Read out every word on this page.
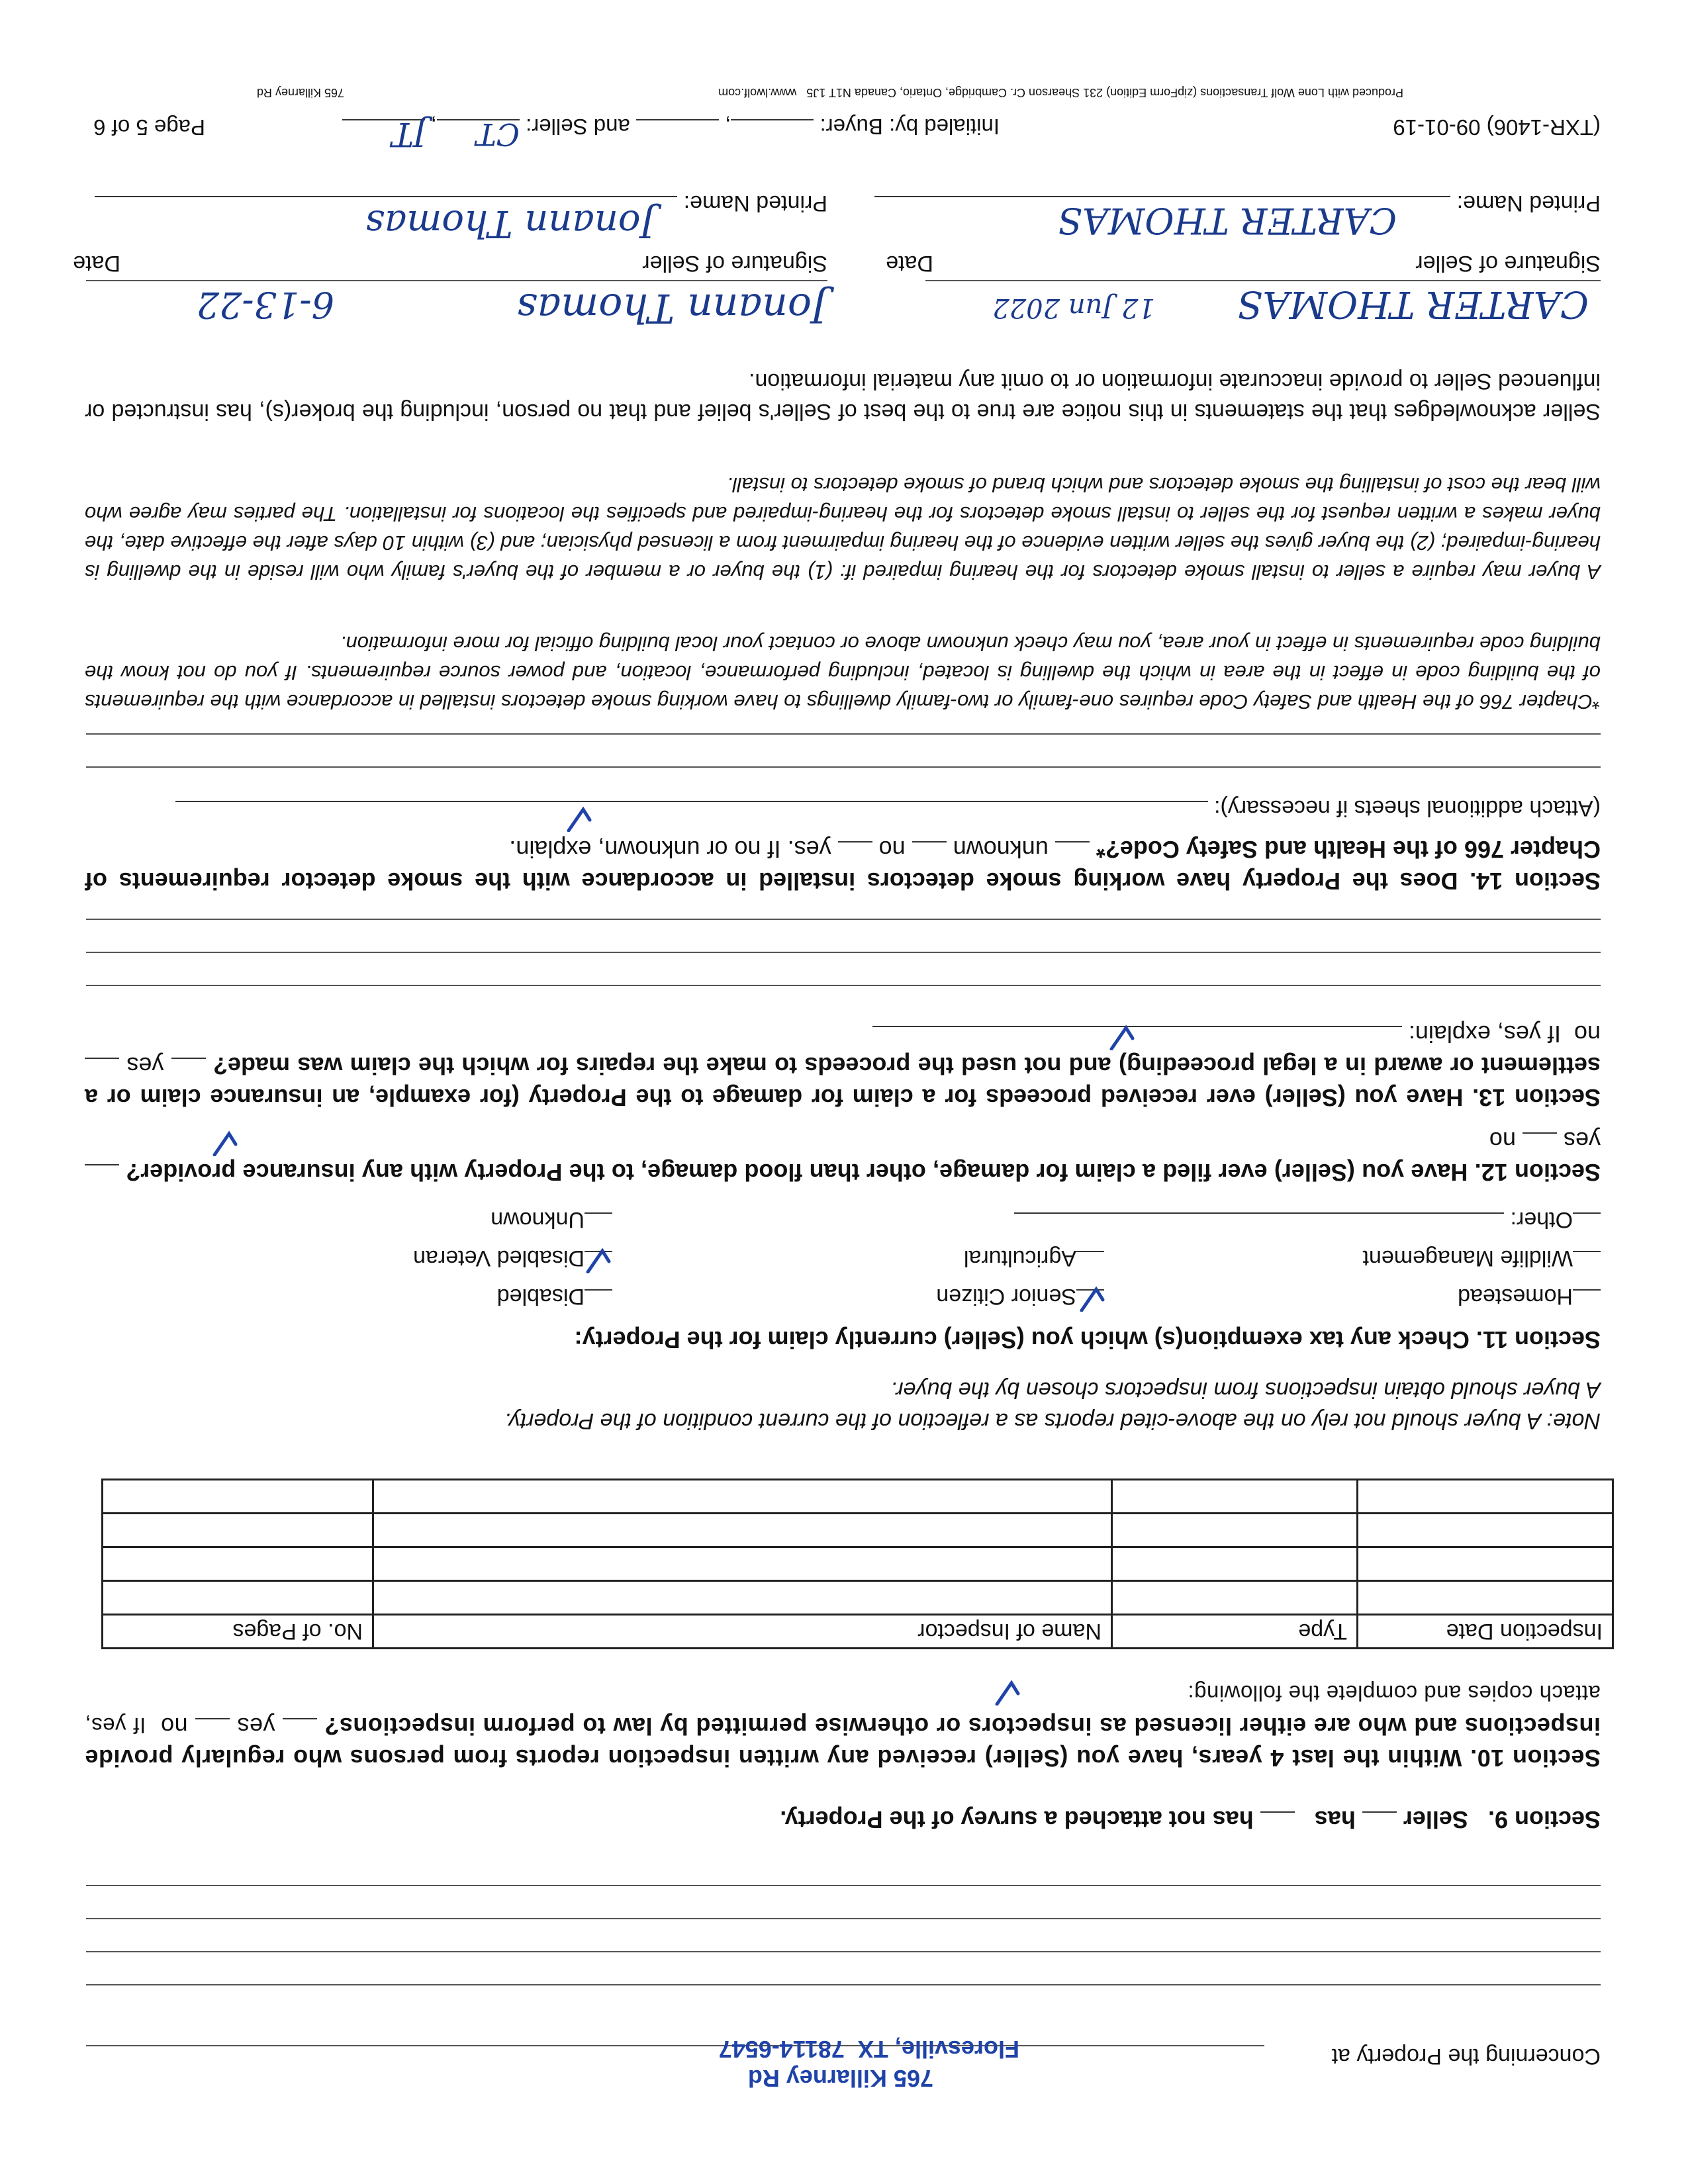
Concerning the Property at
765 Killarney Rd
Floresville, TX  78114-6547
Section 9.   Seller  has    has not attached a survey of the Property.
Section 10. Within the last 4 years, have you (Seller) received any written inspection reports from persons who regularly provide inspections and who are either licensed as inspectors or otherwise permitted by law to perform inspections?  yes  no  If yes, attach copies and complete the following:
Inspection Date	Type	Name of Inspector	No. of Pages

Note: A buyer should not rely on the above-cited reports as a reflection of the current condition of the Property.
A buyer should obtain inspections from inspectors chosen by the buyer.
Section 11. Check any tax exemption(s) which you (Seller) currently claim for the Property:
Homestead
Senior Citizen
Disabled
Wildlife Management
Agricultural
Disabled Veteran
Other:
Unknown
Section 12. Have you (Seller) ever filed a claim for damage, other than flood damage, to the Property with any insurance provider?  yes  no
Section 13. Have you (Seller) ever received proceeds for a claim for damage to the Property (for example, an insurance claim or a settlement or award in a legal proceeding) and not used the proceeds to make the repairs for which the claim was made?  yes  no  If yes, explain:
Section 14. Does the Property have working smoke detectors installed in accordance with the smoke detector requirements of Chapter 766 of the Health and Safety Code?*  unknown  no  yes. If no or unknown, explain.
(Attach additional sheets if necessary):
*Chapter 766 of the Health and Safety Code requires one-family or two-family dwellings to have working smoke detectors installed in accordance with the requirements of the building code in effect in the area in which the dwelling is located, including performance, location, and power source requirements. If you do not know the building code requirements in effect in your area, you may check unknown above or contact your local building official for more information.
A buyer may require a seller to install smoke detectors for the hearing impaired if: (1) the buyer or a member of the buyer's family who will reside in the dwelling is hearing-impaired; (2) the buyer gives the seller written evidence of the hearing impairment from a licensed physician; and (3) within 10 days after the effective date, the buyer makes a written request for the seller to install smoke detectors for the hearing-impaired and specifies the locations for installation. The parties may agree who will bear the cost of installing the smoke detectors and which brand of smoke detectors to install.
Seller acknowledges that the statements in this notice are true to the best of Seller's belief and that no person, including the broker(s), has instructed or influenced Seller to provide inaccurate information or to omit any material information.
CARTER THOMAS
12 Jun 2022
Jonann Thomas
6-13-22
Signature of Seller
Date
Signature of Seller
Date
Printed Name:
Printed Name:	CARTER THOMAS
Jonann Thomas
(TXR-1406) 09-01-19
Initialed by: Buyer: ,  and Seller: ,	CT
JT
Page 5 of 6
Produced with Lone Wolf Transactions (zipForm Edition) 231 Shearson Cr. Cambridge, Ontario, Canada N1T 1J5   www.lwolf.com
765 Killarney Rd
